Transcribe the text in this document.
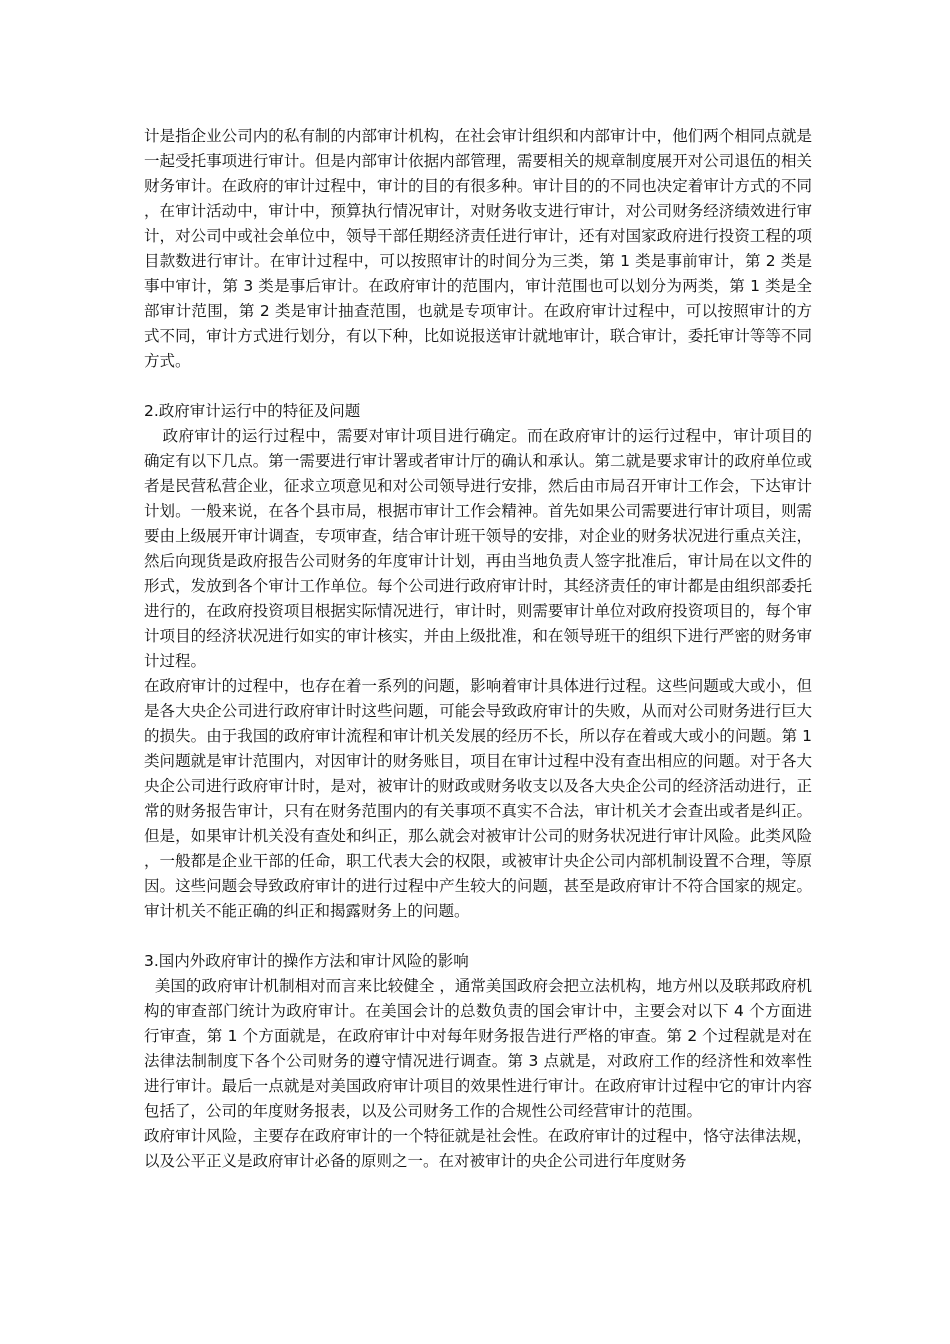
计是指企业公司内的私有制的内部审计机构，在社会审计组织和内部审计中，他们两个相同点就是一起受托事项进行审计。但是内部审计依据内部管理，需要相关的规章制度展开对公司退伍的相关财务审计。在政府的审计过程中，审计的目的有很多种。审计目的的不同也决定着审计方式的不同，在审计活动中，审计中，预算执行情况审计，对财务收支进行审计，对公司财务经济绩效进行审计，对公司中或社会单位中，领导干部任期经济责任进行审计，还有对国家政府进行投资工程的项目款数进行审计。在审计过程中，可以按照审计的时间分为三类，第 1 类是事前审计，第 2 类是事中审计，第 3 类是事后审计。在政府审计的范围内，审计范围也可以划分为两类，第 1 类是全部审计范围，第 2 类是审计抽查范围，也就是专项审计。在政府审计过程中，可以按照审计的方式不同，审计方式进行划分，有以下种，比如说报送审计就地审计，联合审计，委托审计等等不同方式。

2.政府审计运行中的特征及问题

政府审计的运行过程中，需要对审计项目进行确定。而在政府审计的运行过程中，审计项目的确定有以下几点。第一需要进行审计署或者审计厅的确认和承认。第二就是要求审计的政府单位或者是民营私营企业，征求立项意见和对公司领导进行安排，然后由市局召开审计工作会，下达审计计划。一般来说，在各个县市局，根据市审计工作会精神。首先如果公司需要进行审计项目，则需要由上级展开审计调查，专项审查，结合审计班干领导的安排，对企业的财务状况进行重点关注，然后向现货是政府报告公司财务的年度审计计划，再由当地负责人签字批准后，审计局在以文件的形式，发放到各个审计工作单位。每个公司进行政府审计时，其经济责任的审计都是由组织部委托进行的，在政府投资项目根据实际情况进行，审计时，则需要审计单位对政府投资项目的，每个审计项目的经济状况进行如实的审计核实，并由上级批准，和在领导班干的组织下进行严密的财务审计过程。

在政府审计的过程中，也存在着一系列的问题，影响着审计具体进行过程。这些问题或大或小，但是各大央企公司进行政府审计时这些问题，可能会导致政府审计的失败，从而对公司财务进行巨大的损失。由于我国的政府审计流程和审计机关发展的经历不长，所以存在着或大或小的问题。第 1 类问题就是审计范围内，对因审计的财务账目，项目在审计过程中没有查出相应的问题。对于各大央企公司进行政府审计时，是对，被审计的财政或财务收支以及各大央企公司的经济活动进行，正常的财务报告审计，只有在财务范围内的有关事项不真实不合法，审计机关才会查出或者是纠正。但是，如果审计机关没有查处和纠正，那么就会对被审计公司的财务状况进行审计风险。此类风险，一般都是企业干部的任命，职工代表大会的权限，或被审计央企公司内部机制设置不合理，等原因。这些问题会导致政府审计的进行过程中产生较大的问题，甚至是政府审计不符合国家的规定。审计机关不能正确的纠正和揭露财务上的问题。

3.国内外政府审计的操作方法和审计风险的影响

美国的政府审计机制相对而言来比较健全 ，通常美国政府会把立法机构，地方州以及联邦政府机构的审查部门统计为政府审计。在美国会计的总数负责的国会审计中，主要会对以下 4 个方面进行审查，第 1 个方面就是，在政府审计中对每年财务报告进行严格的审查。第 2 个过程就是对在法律法制制度下各个公司财务的遵守情况进行调查。第 3 点就是，对政府工作的经济性和效率性进行审计。最后一点就是对美国政府审计项目的效果性进行审计。在政府审计过程中它的审计内容包括了，公司的年度财务报表，以及公司财务工作的合规性公司经营审计的范围。

政府审计风险，主要存在政府审计的一个特征就是社会性。在政府审计的过程中，恪守法律法规，以及公平正义是政府审计必备的原则之一。在对被审计的央企公司进行年度财务
